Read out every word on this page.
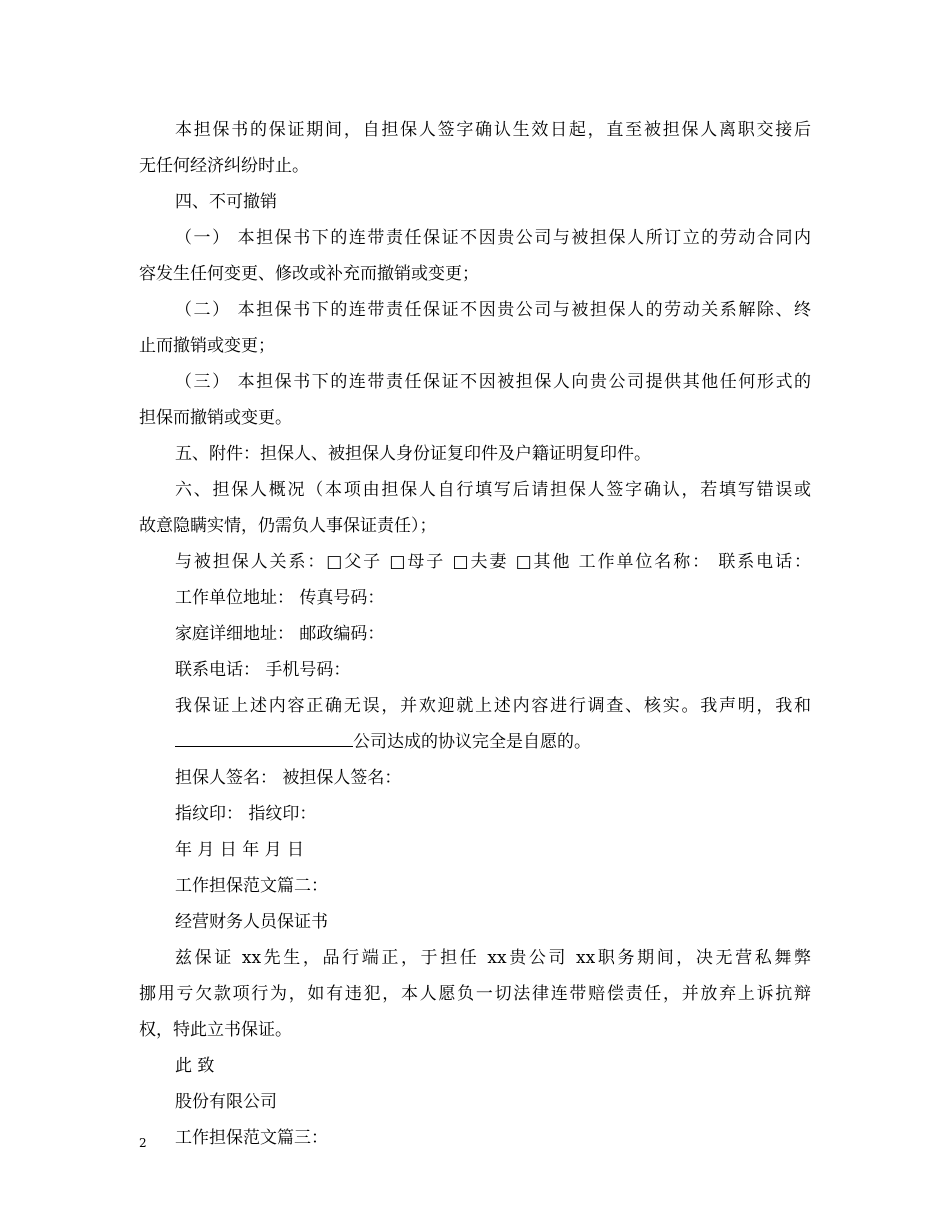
本担保书的保证期间，自担保人签字确认生效日起，直至被担保人离职交接后
无任何经济纠纷时止。
四、不可撤销
（一） 本担保书下的连带责任保证不因贵公司与被担保人所订立的劳动合同内
容发生任何变更、修改或补充而撤销或变更；
（二） 本担保书下的连带责任保证不因贵公司与被担保人的劳动关系解除、终
止而撤销或变更；
（三） 本担保书下的连带责任保证不因被担保人向贵公司提供其他任何形式的
担保而撤销或变更。
五、附件：担保人、被担保人身份证复印件及户籍证明复印件。
六、担保人概况（本项由担保人自行填写后请担保人签字确认，若填写错误或
故意隐瞒实情，仍需负人事保证责任）；
与被担保人关系：□父子 □母子 □夫妻 □其他 工作单位名称： 联系电话：
工作单位地址： 传真号码：
家庭详细地址： 邮政编码：
联系电话： 手机号码：
我保证上述内容正确无误，并欢迎就上述内容进行调查、核实。我声明，我和
公司达成的协议完全是自愿的。
担保人签名： 被担保人签名：
指纹印： 指纹印：
年 月 日 年 月 日
工作担保范文篇二：
经营财务人员保证书
兹保证 xx先生，品行端正，于担任 xx贵公司 xx职务期间，决无营私舞弊
挪用亏欠款项行为，如有违犯，本人愿负一切法律连带赔偿责任，并放弃上诉抗辩
权，特此立书保证。
此 致
股份有限公司
工作担保范文篇三：
2
